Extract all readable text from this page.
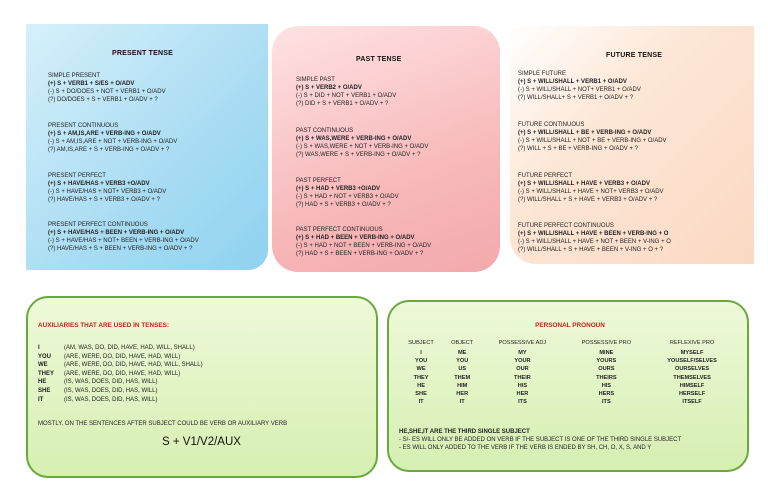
PRESENT TENSE
SIMPLE PRESENT
(+) S + VERB1 + S/ES + O/ADV
(-) S + DO/DOES + NOT + VERB1 + O/ADV
(?) DO/DOES + S + VERB1 + O/ADV + ?
PRESENT CONTINUOUS
(+) S + AM,IS,ARE + VERB-ING + O/ADV
(-) S + AM,IS,ARE + NOT + VERB-ING + O/ADV
(?) AM,IS,ARE + S + VERB-ING + O/ADV + ?
PRESENT PERFECT
(+) S + HAVE/HAS + VERB3 +O/ADV
(-) S + HAVE/HAS + NOT+ VERB3 + O/ADV
(?) HAVE/HAS + S + VERB3 + O/ADV + ?
PRESENT PERFECT CONTINUOUS
(+) S + HAVE/HAS + BEEN + VERB-ING + O/ADV
(-) S + HAVE/HAS + NOT+ BEEN + VERB-ING + O/ADV
(?) HAVE/HAS + S + BEEN + VERB-ING + O/ADV + ?
PAST TENSE
SIMPLE PAST
(+) S + VERB2 + O/ADV
(-) S + DID + NOT + VERB1 + O/ADV
(?) DID + S + VERB1 + O/ADV + ?
PAST CONTINUOUS
(+) S + WAS,WERE + VERB-ING + O/ADV
(-) S + WAS,WERE + NOT + VERB-ING + O/ADV
(?) WAS,WERE + S + VERB-ING + O/ADV + ?
PAST PERFECT
(+) S + HAD + VERB3 +O/ADV
(-) S + HAD + NOT + VERB3 + O/ADV
(?) HAD + S + VERB3 + O/ADV + ?
PAST PERFECT CONTINUOUS
(+) S + HAD + BEEN + VERB-ING + O/ADV
(-) S + HAD + NOT + BEEN + VERB-ING + O/ADV
(?) HAD + S + BEEN + VERB-ING + O/ADV + ?
FUTURE TENSE
SIMPLE FUTURE
(+) S + WILL/SHALL + VERB1 + O/ADV
(-) S + WILL/SHALL + NOT+ VERB1 + O/ADV
(?) WILL/SHALL+ S + VERB1 + O/ADV + ?
FUTURE CONTINUOUS
(+) S + WILL/SHALL + BE + VERB-ING + O/ADV
(-) S + WILL/SHALL + NOT + BE + VERB-ING + O/ADV
(?) WILL + S + BE + VERB-ING + O/ADV + ?
FUTURE PERFECT
(+) S + WILL/SHALL + HAVE + VERB3 + O/ADV
(-) S + WILL/SHALL + HAVE + NOT+ VERB3 + O/ADV
(?) WILL/SHALL + S + HAVE + VERB3 + O/ADV + ?
FUTURE PERFECT CONTINUOUS
(+) S + WILL/SHALL + HAVE + BEEN + VERB-ING + O
(-) S + WILL/SHALL + HAVE + NOT + BEEN + V-ING + O
(?) WILL/SHALL + S + HAVE + BEEN + V-ING + O + ?
AUXILIARIES THAT ARE USED IN TENSES:
I	(AM, WAS, DO, DID, HAVE, HAD, WILL, SHALL)
YOU (ARE, WERE, DO, DID, HAVE, HAD, WILL)
WE	(ARE, WERE, DO, DID, HAVE, HAD, WILL, SHALL)
THEY (ARE, WERE, DO, DID, HAVE, HAD, WILL)
HE	(IS, WAS, DOES, DID, HAS, WILL)
SHE (IS, WAS, DOES, DID, HAS, WILL)
IT	(IS, WAS, DOES, DID, HAS, WILL)
MOSTLY, ON THE SENTENCES AFTER SUBJECT COULD BE VERB OR AUXILIARY VERB
S + V1/V2/AUX
PERSONAL PRONOUN
SUBJECT	OBJECT	POSSESSIVE ADJ	POSSESSIVE PRO	REFLEXIVE PRO
I	ME	MY	MINE	MYSELF
YOU	YOU	YOUR	YOURS	YOUSELF/SELVES
WE	US	OUR	OURS	OURSELVES
THEY	THEM	THEIR	THEIRS	THEMSELVES
HE	HIM	HIS	HIS	HIMSELF
SHE	HER	HER	HERS	HERSELF
IT	IT	ITS	ITS	ITSELF
HE,SHE,IT ARE THE THIRD SINGLE SUBJECT
- S/- ES WILL ONLY BE ADDED ON VERB IF THE SUBJECT IS ONE OF THE THIRD SINGLE SUBJECT
- ES WILL ONLY ADDED TO THE VERB IF THE VERB IS ENDED BY SH, CH, O, X, S, AND Y
